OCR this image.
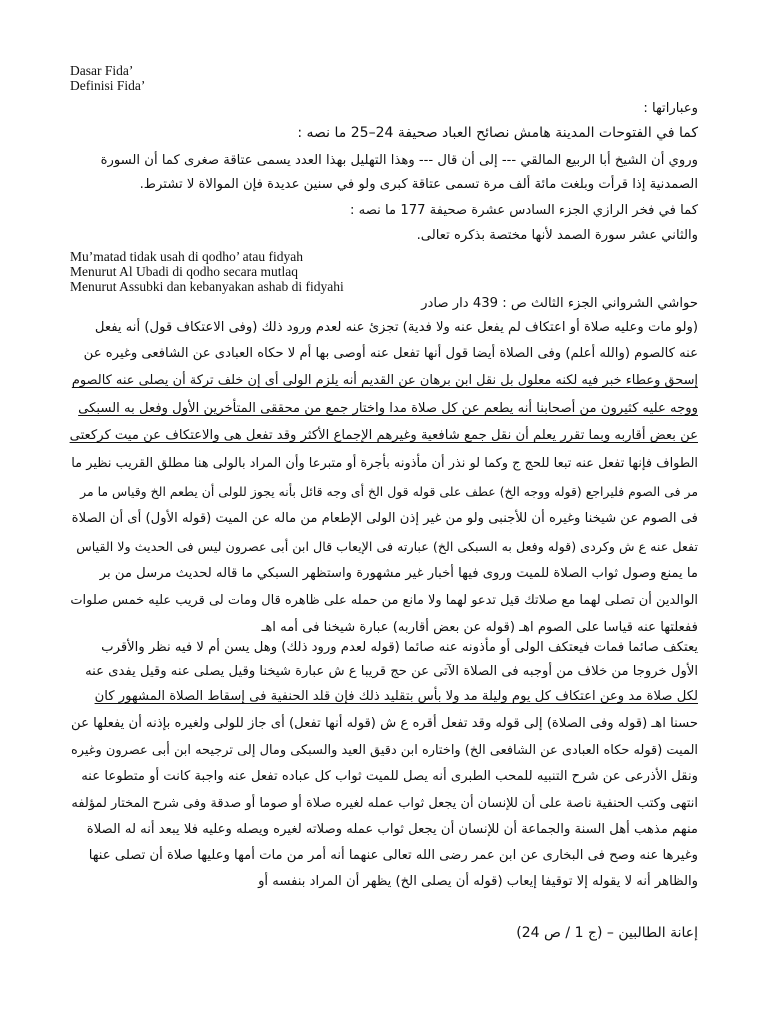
Dasar Fida’
Definisi Fida’
وعباراتها :
كما في الفتوحات المدينة هامش نصائح العباد صحيفة 24–25 ما نصه :
وروي أن الشيخ أبا الربيع المالقي --- إلى أن قال --- وهذا التهليل بهذا العدد يسمى عتاقة صغرى كما أن السورة
الصمدنية إذا قرأت وبلغت مائة ألف مرة تسمى عتاقة كبرى ولو في سنين عديدة فإن الموالاة لا تشترط.
كما في فخر الرازي الجزء السادس عشرة صحيفة 177 ما نصه :
والثاني عشر سورة الصمد لأنها مختصة بذكره تعالى.
Mu’matad tidak usah di qodho’ atau fidyah
Menurut Al Ubadi di qodho secara mutlaq
Menurut Assubki dan kebanyakan ashab di fidyahi
حواشي الشرواني الجزء الثالث ص : 439 دار صادر
(ولو مات وعليه صلاة أو اعتكاف لم يفعل عنه ولا فدية) تجزئ عنه لعدم ورود ذلك (وفى الاعتكاف قول) أنه يفعل
عنه كالصوم (والله أعلم) وفى الصلاة أيضا قول أنها تفعل عنه أوصى بها أم لا حكاه العبادى عن الشافعى وغيره عن
إسحق وعطاء خبر فيه لكنه معلول بل نقل ابن برهان عن القديم أنه يلزم الولى أى إن خلف تركة أن يصلى عنه كالصوم
ووجه عليه كثيرون من أصحابنا أنه يطعم عن كل صلاة مدا واختار جمع من محققى المتأخرين الأول وفعل به السبكى
عن بعض أقاربه وبما تقرر يعلم أن نقل جمع شافعية وغيرهم الإجماع الأكثر وقد تفعل هى والاعتكاف عن ميت كركعتى
الطواف فإنها تفعل عنه تبعا للحج ج وكما لو نذر أن مأذونه بأجرة أو متبرعا وأن المراد بالولى هنا مطلق القريب نظير ما
مر فى الصوم فليراجع (قوله ووجه الخ) عطف على قوله قول الخ أى وجه قائل بأنه يجوز للولى أن يطعم الخ وقياس ما مر
فى الصوم عن شيخنا وغيره أن للأجنبى ولو من غير إذن الولى الإطعام من ماله عن الميت (قوله الأول) أى أن الصلاة
تفعل عنه ع ش وكردى (قوله وفعل به السبكى الخ) عبارته فى الإيعاب قال ابن أبى عصرون ليس فى الحديث ولا القياس
ما يمنع وصول ثواب الصلاة للميت وروى فيها أخبار غير مشهورة واستظهر السبكي ما قاله لحديث مرسل من بر
الوالدين أن تصلى لهما مع صلاتك قيل تدعو لهما ولا مانع من حمله على ظاهره قال ومات لى قريب عليه خمس صلوات
ففعلتها عنه قياسا على الصوم اهـ (قوله عن بعض أقاربه) عبارة شيخنا فى أمه اهـ
يعتكف صائما فمات فيعتكف الولى أو مأذونه عنه صائما (قوله لعدم ورود ذلك) وهل يسن أم لا فيه نظر والأقرب
الأول خروجا من خلاف من أوجبه فى الصلاة الآتى عن حج قريبا ع ش عبارة شيخنا وقيل يصلى عنه وقيل يفدى عنه
لكل صلاة مد وعن اعتكاف كل يوم وليلة مد ولا بأس بتقليد ذلك فإن قلد الحنفية فى إسقاط الصلاة المشهور كان
حسنا اهـ (قوله وفى الصلاة) إلى قوله وقد تفعل أقره ع ش (قوله أنها تفعل) أى جاز للولى ولغيره بإذنه أن يفعلها عن
الميت (قوله حكاه العبادى عن الشافعى الخ) واختاره ابن دقيق العيد والسبكى ومال إلى ترجيحه ابن أبى عصرون وغيره
ونقل الأذرعى عن شرح التنبيه للمحب الطبرى أنه يصل للميت ثواب كل عباده تفعل عنه واجبة كانت أو متطوعا عنه
انتهى وكتب الحنفية ناصة على أن للإنسان أن يجعل ثواب عمله لغيره صلاة أو صوما أو صدقة وفى شرح المختار لمؤلفه
منهم مذهب أهل السنة والجماعة أن للإنسان أن يجعل ثواب عمله وصلاته لغيره ويصله وعليه فلا يبعد أنه له الصلاة
وغيرها عنه وصح فى البخارى عن ابن عمر رضى الله تعالى عنهما أنه أمر من مات أمها وعليها صلاة أن تصلى عنها
والظاهر أنه لا يقوله إلا توقيفا إيعاب (قوله أن يصلى الخ) يظهر أن المراد بنفسه أو
إعانة الطالبين – (ج 1 / ص 24)
